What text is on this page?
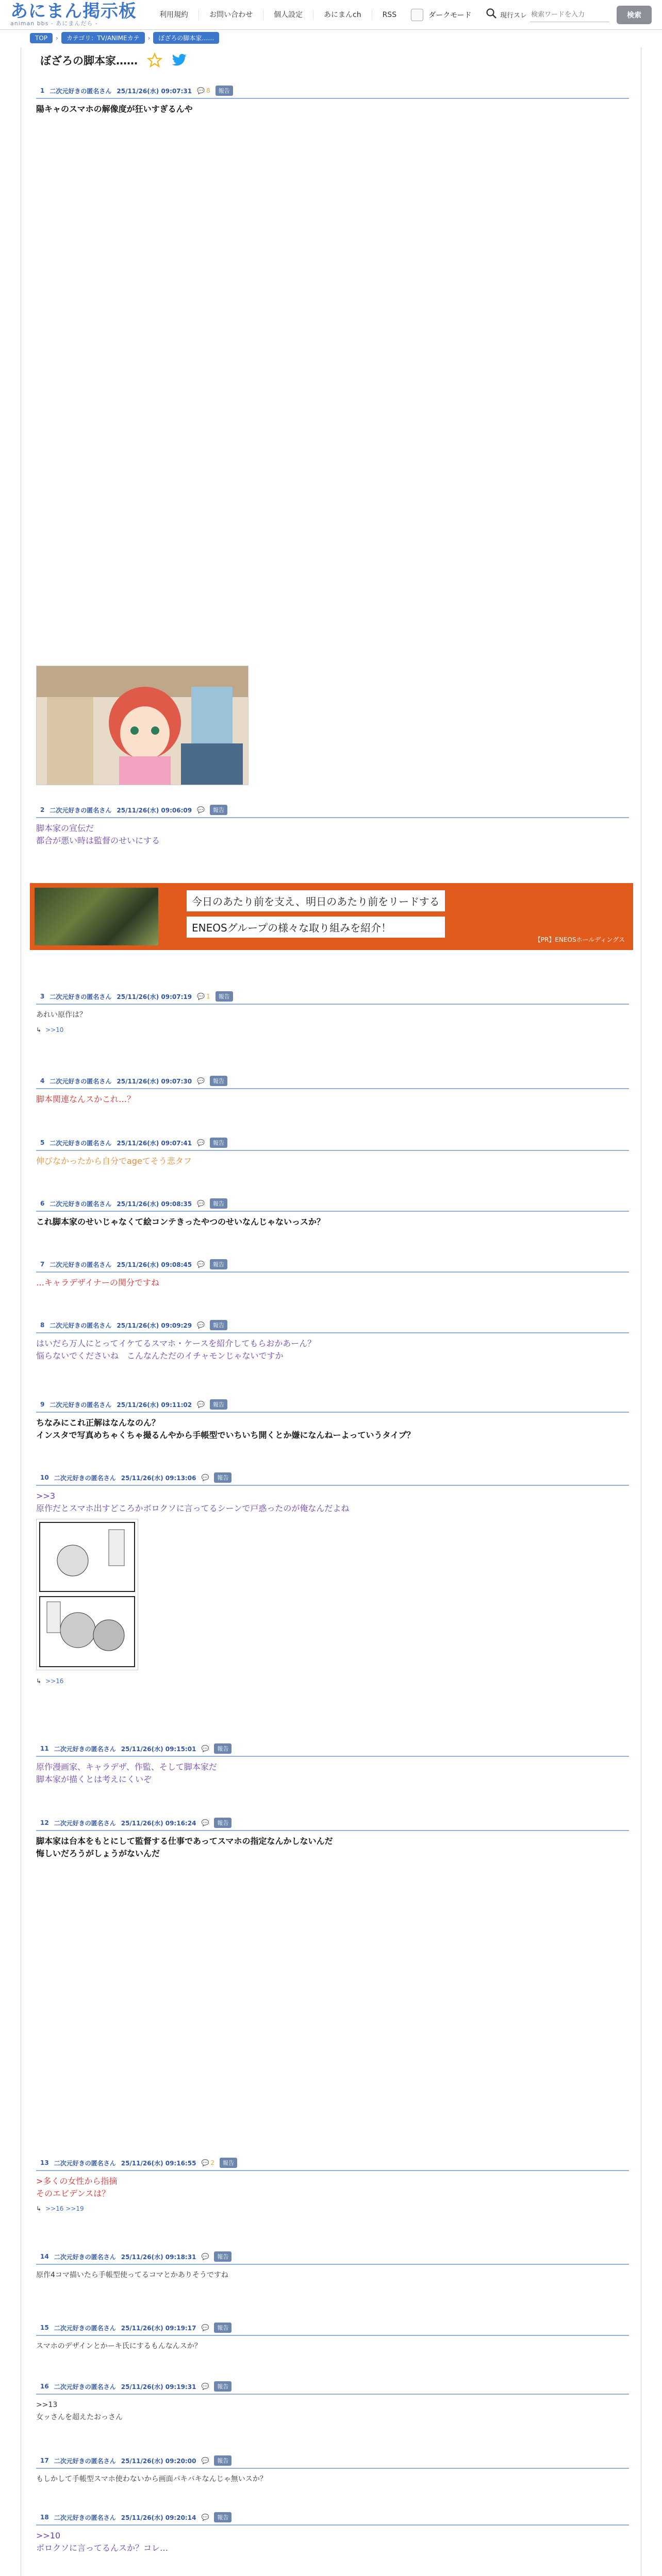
あにまん掲示板
animan bbs - あにまんだら -
利用規約	お問い合わせ	個人設定	あにまんch	RSS	ダークモード	現行スレ
検索ワードを入力	検索
TOP	›	カテゴリ：TV/ANIMEカテ	›	ぼざろの脚本家……
ぼざろの脚本家……
1 二次元好きの匿名さん 25/11/26(水) 09:07:31 💬 8	報告
陽キャのスマホの解像度が狂いすぎるんや
2 二次元好きの匿名さん 25/11/26(水) 09:06:09 💬	報告
脚本家の宣伝だ
都合が悪い時は監督のせいにする
今日のあたり前を支え、明日のあたり前をリードする
ENEOSグループの様々な取り組みを紹介！
【PR】ENEOSホールディングス
3 二次元好きの匿名さん 25/11/26(水) 09:07:19 💬 1	報告
あれい原作は？
↳ >>10
4 二次元好きの匿名さん 25/11/26(水) 09:07:30 💬	報告
脚本関連なんスかこれ…？
5 二次元好きの匿名さん 25/11/26(水) 09:07:41 💬	報告
伸びなかったから自分でageてそう悲タフ
6 二次元好きの匿名さん 25/11/26(水) 09:08:35 💬	報告
これ脚本家のせいじゃなくて絵コンテきったやつのせいなんじゃないっスか？
7 二次元好きの匿名さん 25/11/26(水) 09:08:45 💬	報告
…キャラデザイナーの関分ですね
8 二次元好きの匿名さん 25/11/26(水) 09:09:29 💬	報告
はいだら万人にとってイケてるスマホ・ケースを紹介してもらおかあーん？
悩らないでくださいね　こんなんただのイチャモンじゃないですか
9 二次元好きの匿名さん 25/11/26(水) 09:11:02 💬	報告
ちなみにこれ正解はなんなのん？
インスタで写真めちゃくちゃ撮るんやから手帳型でいちいち開くとか嫌になんねーよっていうタイプ？
10 二次元好きの匿名さん 25/11/26(水) 09:13:06 💬	報告
>>3
原作だとスマホ出すどころかボロクソに言ってるシーンで戸惑ったのが俺なんだよね
↳ >>16
11 二次元好きの匿名さん 25/11/26(水) 09:15:01 💬	報告
原作漫画家、キャラデザ、作監、そして脚本家だ
脚本家が描くとは考えにくいぞ
12 二次元好きの匿名さん 25/11/26(水) 09:16:24 💬	報告
脚本家は台本をもとにして監督する仕事であってスマホの指定なんかしないんだ
悔しいだろうがしょうがないんだ
13 二次元好きの匿名さん 25/11/26(水) 09:16:55 💬 2	報告
>多くの女性から指摘
そのエビデンスは？
↳ >>16 >>19
14 二次元好きの匿名さん 25/11/26(水) 09:18:31 💬	報告
原作4コマ描いたら手帳型使ってるコマとかありそうですね
15 二次元好きの匿名さん 25/11/26(水) 09:19:17 💬	報告
スマホのデザインとかーキ氏にするもんなんスか？
16 二次元好きの匿名さん 25/11/26(水) 09:19:31 💬	報告
>>13
女ッさんを超えたおっさん
17 二次元好きの匿名さん 25/11/26(水) 09:20:00 💬	報告
もしかして手帳型スマホ使わないから画面バキバキなんじゃ無いスか？
18 二次元好きの匿名さん 25/11/26(水) 09:20:14 💬	報告
>>10
ボロクソに言ってるんスか？コレ…
